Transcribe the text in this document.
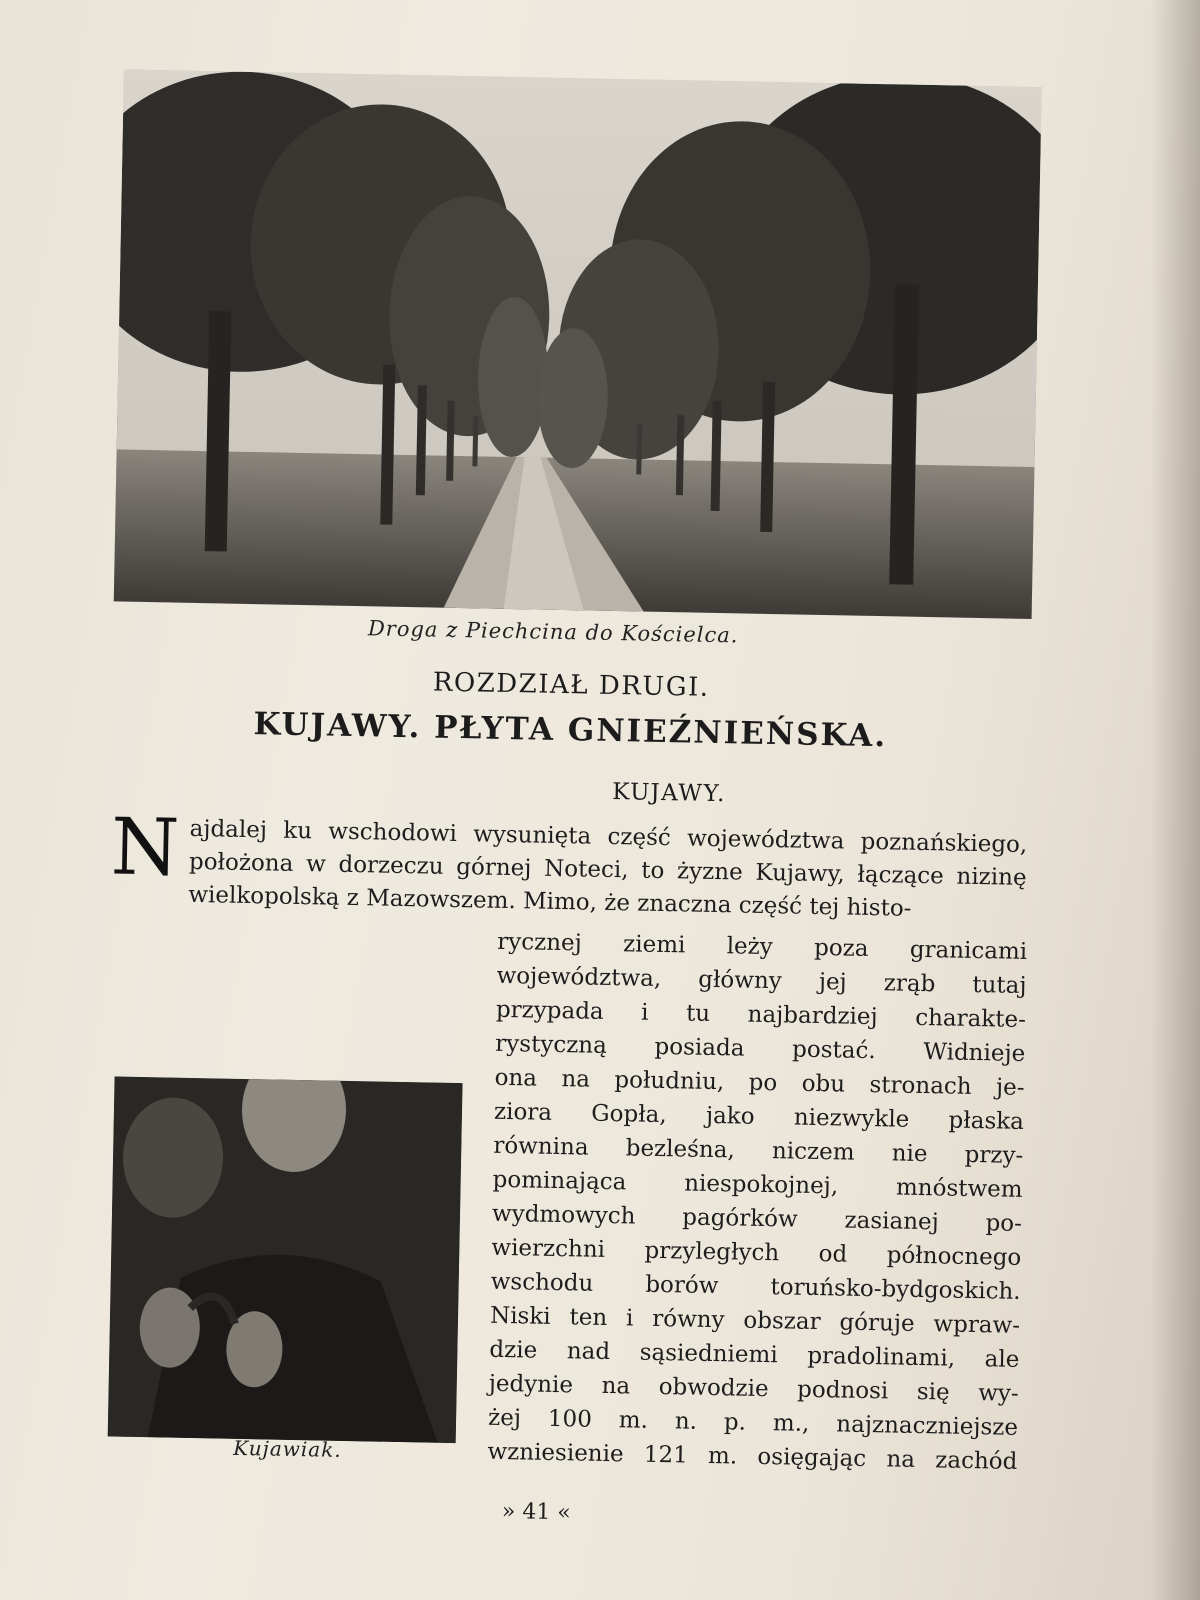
Droga z Piechcina do Kościelca.
ROZDZIAŁ DRUGI.
KUJAWY. PŁYTA GNIEŹNIEŃSKA.
KUJAWY.
N ajdalej ku wschodowi wysunięta część województwa poznańskiego, położona w dorzeczu górnej Noteci, to żyzne Kujawy, łączące nizinę wielkopolską z Mazowszem. Mimo, że znaczna część tej histo-

Kujawiak.
rycznej ziemi leży poza granicami
województwa, główny jej zrąb tutaj
przypada i tu najbardziej charakte-
rystyczną posiada postać. Widnieje
ona na południu, po obu stronach je-
ziora Gopła, jako niezwykle płaska
równina bezleśna, niczem nie przy-
pominająca niespokojnej, mnóstwem
wydmowych pagórków zasianej po-
wierzchni przyległych od północnego
wschodu borów toruńsko-bydgoskich.
Niski ten i równy obszar góruje wpraw-
dzie nad sąsiedniemi pradolinami, ale
jedynie na obwodzie podnosi się wy-
żej 100 m. n. p. m., najznaczniejsze
wzniesienie 121 m. osięgając na zachód
» 41 «
